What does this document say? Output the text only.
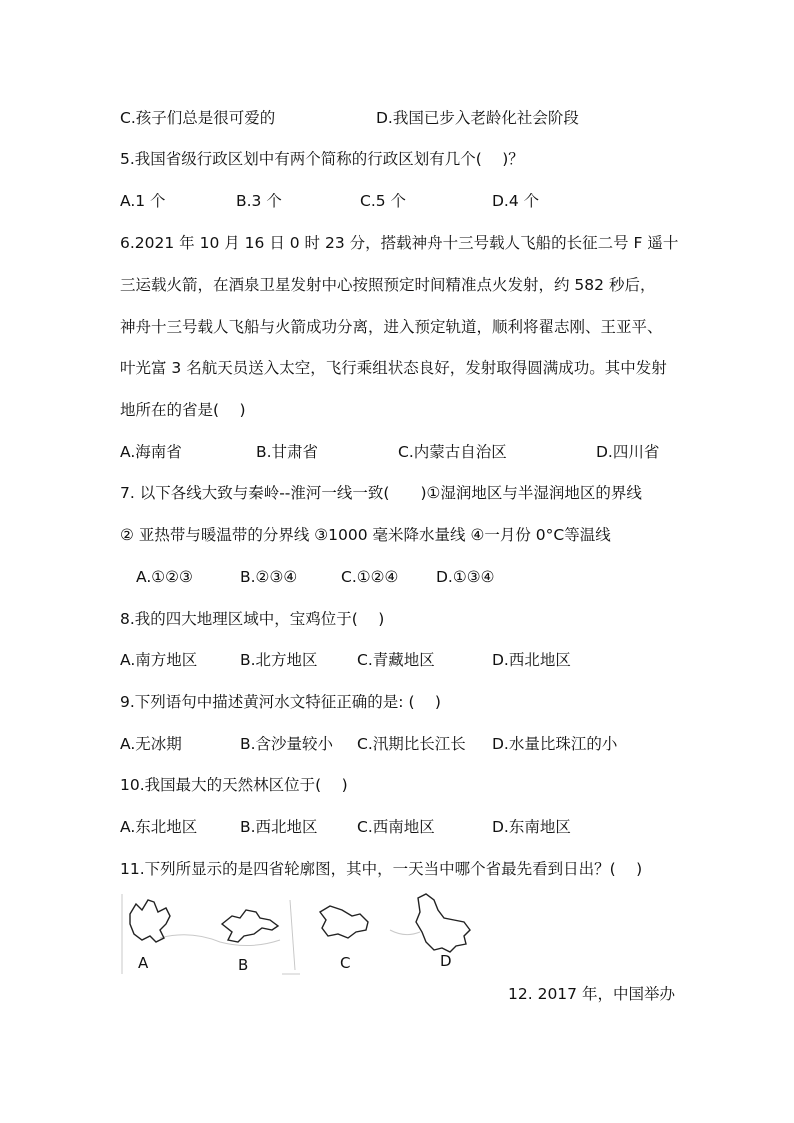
C.孩子们总是很可爱的	D.我国已步入老龄化社会阶段
5.我国省级行政区划中有两个简称的行政区划有几个(　 )？
A.1 个	B.3 个	C.5 个	D.4 个
6.2021 年 10 月 16 日 0 时 23 分，搭载神舟十三号载人飞船的长征二号 F 遥十
三运载火箭，在酒泉卫星发射中心按照预定时间精准点火发射，约 582 秒后，
神舟十三号载人飞船与火箭成功分离，进入预定轨道，顺利将翟志刚、王亚平、
叶光富 3 名航天员送入太空，飞行乘组状态良好，发射取得圆满成功。其中发射
地所在的省是(　 )
A.海南省	B.甘肃省	C.内蒙古自治区	D.四川省
7. 以下各线大致与秦岭--淮河一线一致(　　)①湿润地区与半湿润地区的界线
② 亚热带与暖温带的分界线 ③1000 毫米降水量线 ④一月份 0°C等温线
A.①②③	B.②③④	C.①②④ D.①③④
8.我的四大地理区域中，宝鸡位于(　 )
A.南方地区	B.北方地区	C.青藏地区	D.西北地区
9.下列语句中描述黄河水文特征正确的是: (　 )
A.无冰期	B.含沙量较小 C.汛期比长江长 D.水量比珠江的小
10.我国最大的天然林区位于(　 )
A.东北地区	B.西北地区	C.西南地区	D.东南地区
11.下列所显示的是四省轮廓图，其中，一天当中哪个省最先看到日出？(　 )
A	B	C	D
12. 2017 年，中国举办
